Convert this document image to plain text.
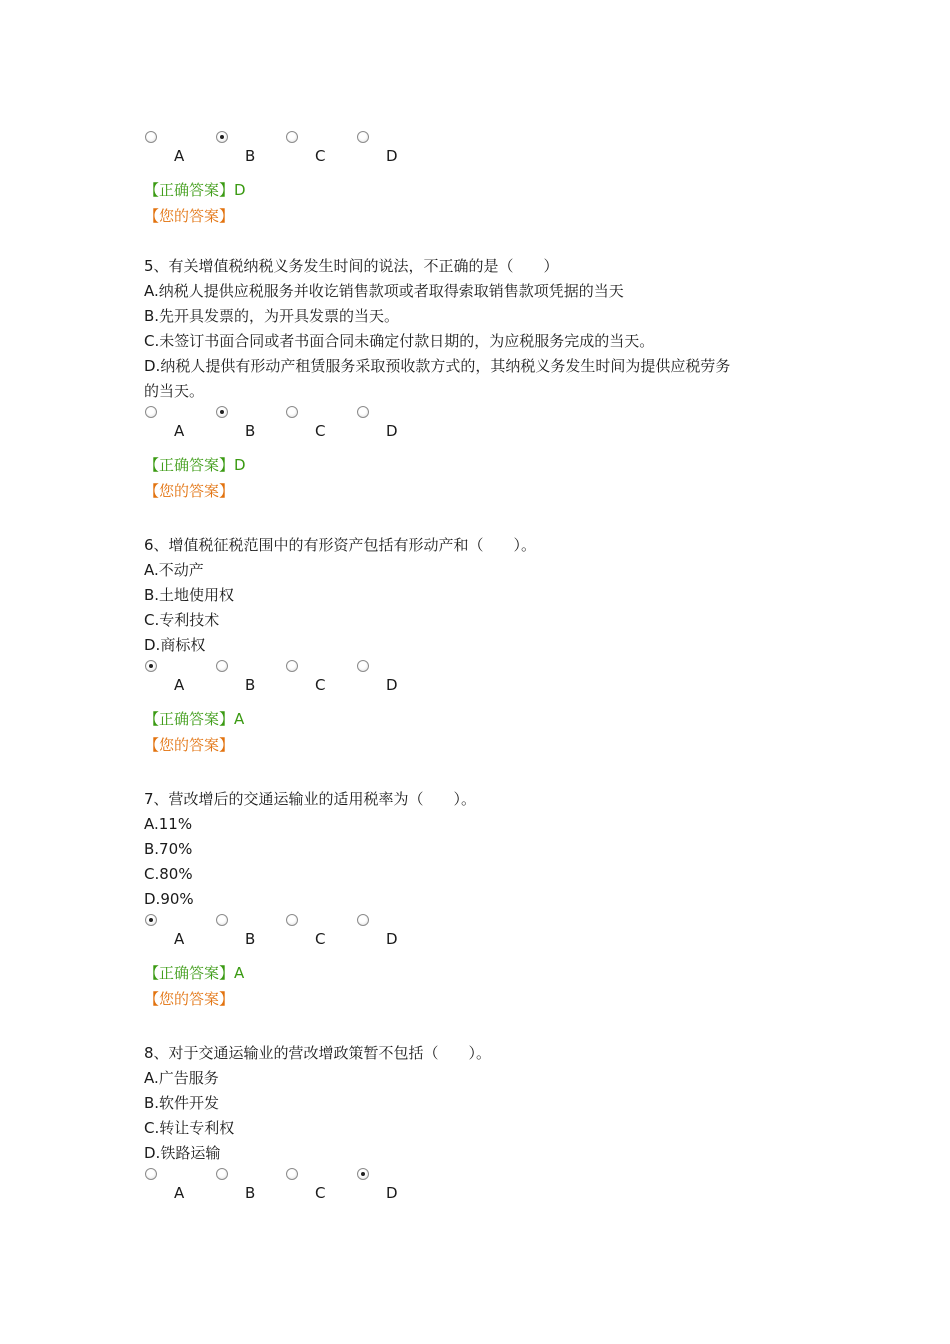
A	B	C	D

【正确答案】D

【您的答案】

5、有关增值税纳税义务发生时间的说法，不正确的是（　　）

A.纳税人提供应税服务并收讫销售款项或者取得索取销售款项凭据的当天

B.先开具发票的，为开具发票的当天。

C.未签订书面合同或者书面合同未确定付款日期的，为应税服务完成的当天。

D.纳税人提供有形动产租赁服务采取预收款方式的，其纳税义务发生时间为提供应税劳务

的当天。

A	B	C	D

【正确答案】D

【您的答案】

6、增值税征税范围中的有形资产包括有形动产和（　　）。

A.不动产

B.土地使用权

C.专利技术

D.商标权

A	B	C	D

【正确答案】A

【您的答案】

7、营改增后的交通运输业的适用税率为（　　）。

A.11%

B.70%

C.80%

D.90%

A	B	C	D

【正确答案】A

【您的答案】

8、对于交通运输业的营改增政策暂不包括（　　）。

A.广告服务

B.软件开发

C.转让专利权

D.铁路运输

A	B	C	D
